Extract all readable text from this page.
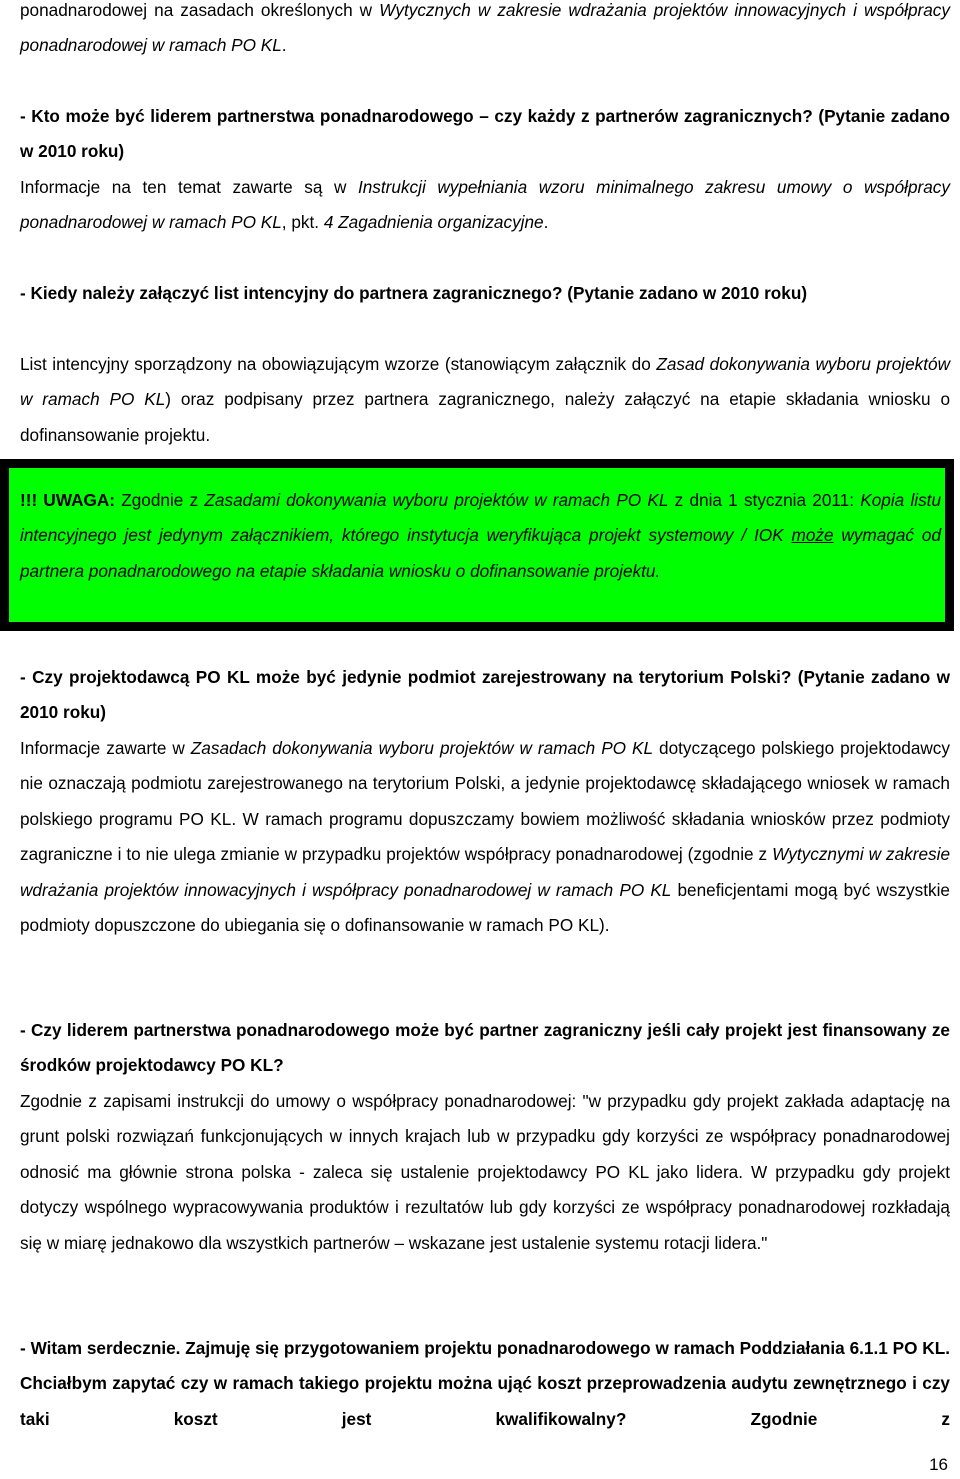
ponadnarodowej na zasadach określonych w Wytycznych w zakresie wdrażania projektów innowacyjnych i współpracy ponadnarodowej w ramach PO KL.

- Kto może być liderem partnerstwa ponadnarodowego – czy każdy z partnerów zagranicznych? (Pytanie zadano w 2010 roku)

Informacje na ten temat zawarte są w Instrukcji wypełniania wzoru minimalnego zakresu umowy o współpracy ponadnarodowej w ramach PO KL, pkt. 4 Zagadnienia organizacyjne.

- Kiedy należy załączyć list intencyjny do partnera zagranicznego? (Pytanie zadano w 2010 roku)

List intencyjny sporządzony na obowiązującym wzorze (stanowiącym załącznik do Zasad dokonywania wyboru projektów w ramach PO KL) oraz podpisany przez partnera zagranicznego, należy załączyć na etapie składania wniosku o dofinansowanie projektu.

!!! UWAGA: Zgodnie z Zasadami dokonywania wyboru projektów w ramach PO KL z dnia 1 stycznia 2011: Kopia listu intencyjnego jest jedynym załącznikiem, którego instytucja weryfikująca projekt systemowy / IOK może wymagać od partnera ponadnarodowego na etapie składania wniosku o dofinansowanie projektu.

- Czy projektodawcą PO KL może być jedynie podmiot zarejestrowany na terytorium Polski? (Pytanie zadano w 2010 roku)

Informacje zawarte w Zasadach dokonywania wyboru projektów w ramach PO KL dotyczącego polskiego projektodawcy nie oznaczają podmiotu zarejestrowanego na terytorium Polski, a jedynie projektodawcę składającego wniosek w ramach polskiego programu PO KL. W ramach programu dopuszczamy bowiem możliwość składania wniosków przez podmioty zagraniczne i to nie ulega zmianie w przypadku projektów współpracy ponadnarodowej (zgodnie z Wytycznymi w zakresie wdrażania projektów innowacyjnych i współpracy ponadnarodowej w ramach PO KL beneficjentami mogą być wszystkie podmioty dopuszczone do ubiegania się o dofinansowanie w ramach PO KL).

- Czy liderem partnerstwa ponadnarodowego może być partner zagraniczny jeśli cały projekt jest finansowany ze środków projektodawcy PO KL?

Zgodnie z zapisami instrukcji do umowy o współpracy ponadnarodowej: "w przypadku gdy projekt zakłada adaptację na grunt polski rozwiązań funkcjonujących w innych krajach lub w przypadku gdy korzyści ze współpracy ponadnarodowej odnosić ma głównie strona polska - zaleca się ustalenie projektodawcy PO KL jako lidera. W przypadku gdy projekt dotyczy wspólnego wypracowywania produktów i rezultatów lub gdy korzyści ze współpracy ponadnarodowej rozkładają się w miarę jednakowo dla wszystkich partnerów – wskazane jest ustalenie systemu rotacji lidera."

- Witam serdecznie. Zajmuję się przygotowaniem projektu ponadnarodowego w ramach Poddziałania 6.1.1 PO KL. Chciałbym zapytać czy w ramach takiego projektu można ująć koszt przeprowadzenia audytu zewnętrznego i czy taki koszt jest kwalifikowalny? Zgodnie z

16
